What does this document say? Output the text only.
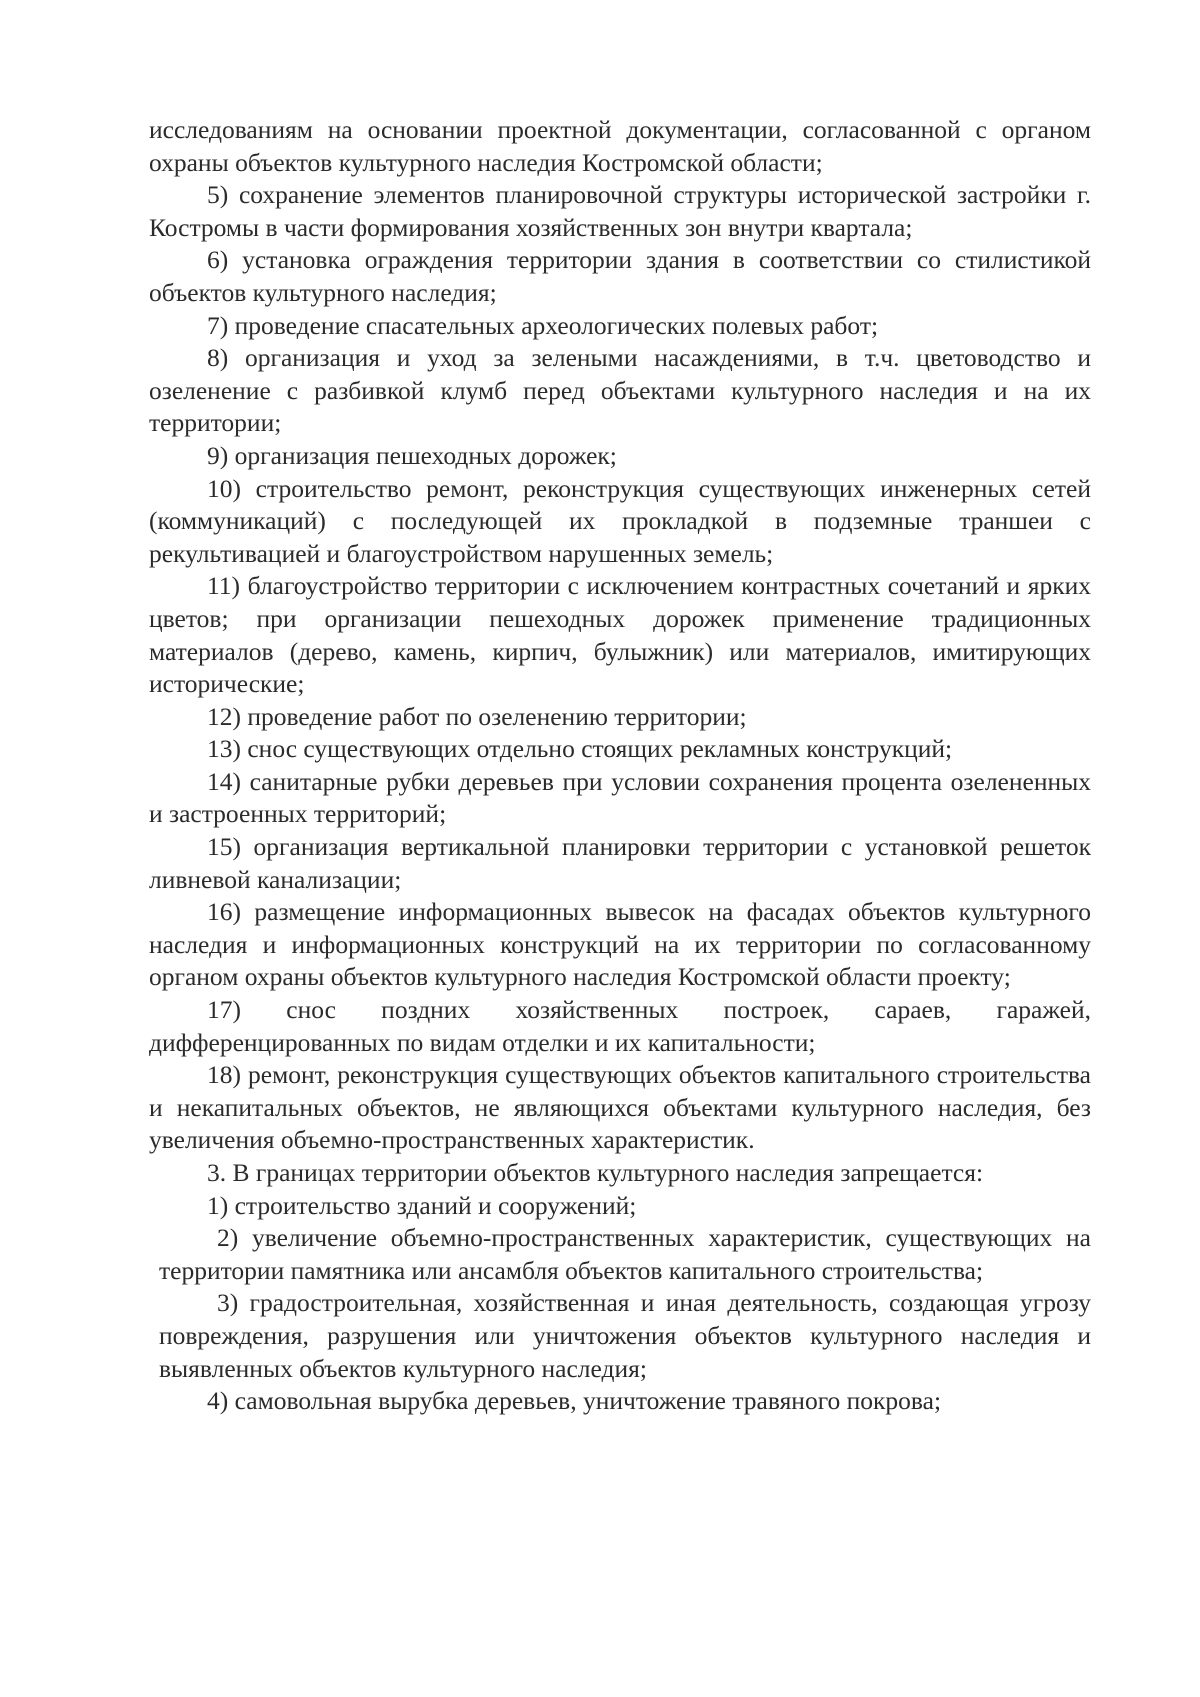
исследованиям на основании проектной документации, согласованной с органом охраны объектов культурного наследия Костромской области;

5) сохранение элементов планировочной структуры исторической застройки г. Костромы в части формирования хозяйственных зон внутри квартала;

6) установка ограждения территории здания в соответствии со стилистикой объектов культурного наследия;

7) проведение спасательных археологических полевых работ;

8) организация и уход за зелеными насаждениями, в т.ч. цветоводство и озеленение с разбивкой клумб перед объектами культурного наследия и на их территории;

9) организация пешеходных дорожек;

10) строительство ремонт, реконструкция существующих инженерных сетей (коммуникаций) с последующей их прокладкой в подземные траншеи с рекультивацией и благоустройством нарушенных земель;

11) благоустройство территории с исключением контрастных сочетаний и ярких цветов; при организации пешеходных дорожек применение традиционных материалов (дерево, камень, кирпич, булыжник) или материалов, имитирующих исторические;

12) проведение работ по озеленению территории;

13) снос существующих отдельно стоящих рекламных конструкций;

14) санитарные рубки деревьев при условии сохранения процента озелененных и застроенных территорий;

15) организация вертикальной планировки территории с установкой решеток ливневой канализации;

16) размещение информационных вывесок на фасадах объектов культурного наследия и информационных конструкций на их территории по согласованному органом охраны объектов культурного наследия Костромской области проекту;

17) снос поздних хозяйственных построек, сараев, гаражей, дифференцированных по видам отделки и их капитальности;

18) ремонт, реконструкция существующих объектов капитального строительства и некапитальных объектов, не являющихся объектами культурного наследия, без увеличения объемно-пространственных характеристик.

3. В границах территории объектов культурного наследия запрещается:

1) строительство зданий и сооружений;

2) увеличение объемно-пространственных характеристик, существующих на территории памятника или ансамбля объектов капитального строительства;

3) градостроительная, хозяйственная и иная деятельность, создающая угрозу повреждения, разрушения или уничтожения объектов культурного наследия и выявленных объектов культурного наследия;

4) самовольная вырубка деревьев, уничтожение травяного покрова;
